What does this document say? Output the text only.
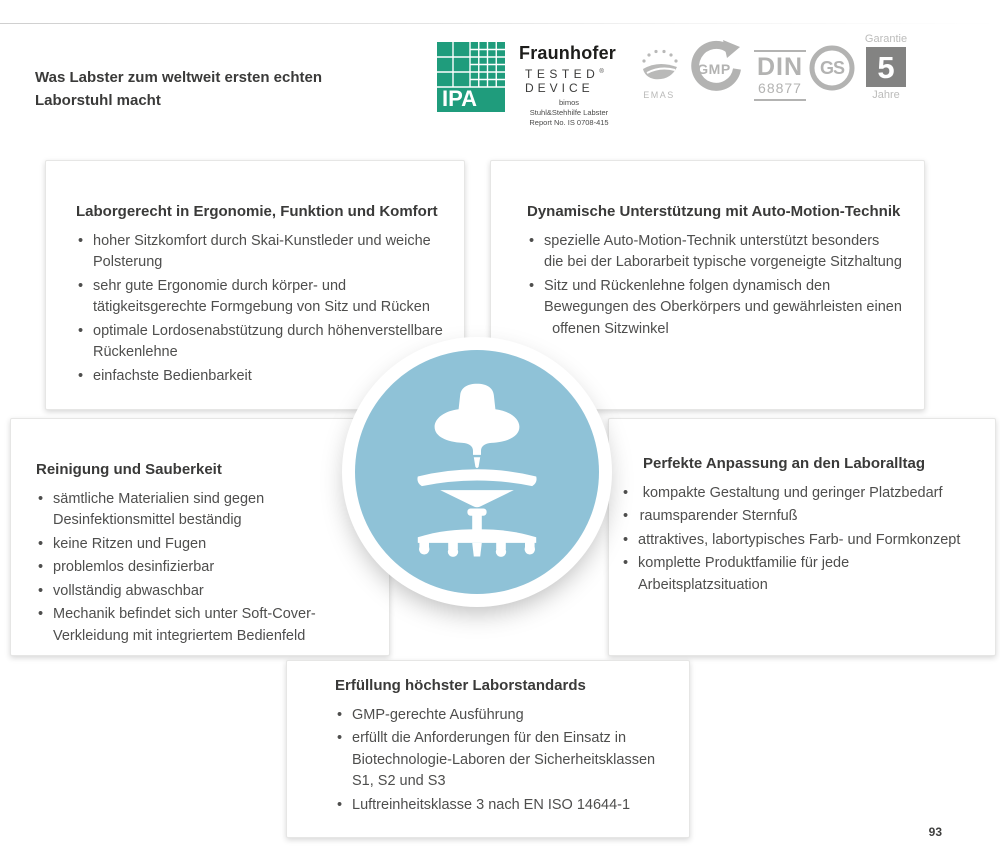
Was Labster zum weltweit ersten echten
Laborstuhl macht	IPA
Fraunhofer
TESTED®
DEVICE
bimos
Stuhl&Stehhilfe Labster
Report No. IS 0708-415
EMAS
GMP DIN
68877
GS
Garantie
5
Jahre
Laborgerecht in Ergonomie, Funktion und Komfort
• hoher Sitzkomfort durch Skai-Kunstleder und weiche Polsterung
• sehr gute Ergonomie durch körper- und tätigkeitsgerechte Formgebung von Sitz und Rücken
• optimale Lordosenabstützung durch höhenverstellbare Rückenlehne
• einfachste Bedienbarkeit
Dynamische Unterstützung mit Auto-Motion-Technik
• spezielle Auto-Motion-Technik unterstützt besonders die bei der Laborarbeit typische vorgeneigte Sitzhaltung
• Sitz und Rückenlehne folgen dynamisch den Bewegungen des Oberkörpers und gewährleisten einen offenen Sitzwinkel
Reinigung und Sauberkeit
• sämtliche Materialien sind gegen Desinfektionsmittel beständig
• keine Ritzen und Fugen
• problemlos desinfizierbar
• vollständig abwaschbar
• Mechanik befindet sich unter Soft-Cover-Verkleidung mit integriertem Bedienfeld
Perfekte Anpassung an den Laboralltag
• kompakte Gestaltung und geringer Platzbedarf
• raumsparender Sternfuß
• attraktives, labortypisches Farb- und Formkonzept
• komplette Produktfamilie für jede Arbeitsplatzsituation
Erfüllung höchster Laborstandards
• GMP-gerechte Ausführung
• erfüllt die Anforderungen für den Einsatz in Biotechnologie-Laboren der Sicherheitsklassen S1, S2 und S3
• Luftreinheitsklasse 3 nach EN ISO 14644-1
93
